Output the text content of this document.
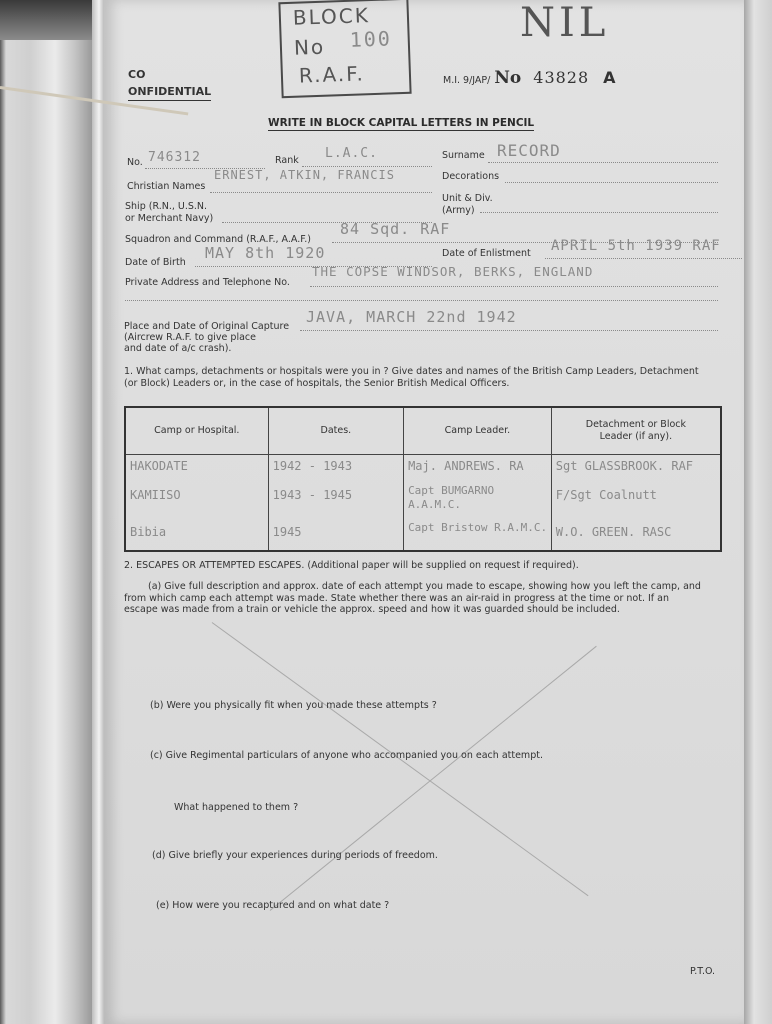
BLOCK
No 100
R.A.F.
NIL
CO
ONFIDENTIAL
M.I. 9/JAP/ No 43828 A
WRITE IN BLOCK CAPITAL LETTERS IN PENCIL
No. 746312	Rank L.A.C.	Surname RECORD
Christian Names
ERNEST, ATKIN, FRANCIS	Decorations
Ship (R.N., U.S.N.
or Merchant Navy)
Unit & Div.
(Army)
Squadron and Command (R.A.F., A.A.F.)
84 Sqd. RAF
Date of Birth
MAY 8th 1920	Date of Enlistment APRIL 5th 1939 RAF
Private Address and Telephone No.
THE COPSE WINDSOR, BERKS, ENGLAND
Place and Date of Original Capture
(Aircrew R.A.F. to give place
and date of a/c crash).
JAVA, MARCH 22nd 1942
1. What camps, detachments or hospitals were you in ? Give dates and names of the British Camp Leaders, Detachment
(or Block) Leaders or, in the case of hospitals, the Senior British Medical Officers.
Camp or Hospital.	Dates.	Camp Leader.	Detachment or Block Leader (if any).
HAKODATE	1942 - 1943	Maj. ANDREWS. RA	Sgt GLASSBROOK. RAF
KAMIISO	1943 - 1945	Capt BUMGARNO A.A.M.C.	F/Sgt Coalnutt
Bibia	1945	Capt Bristow R.A.M.C.	W.O. GREEN. RASC
2. ESCAPES OR ATTEMPTED ESCAPES. (Additional paper will be supplied on request if required).
(a) Give full description and approx. date of each attempt you made to escape, showing how you left the camp, and
from which camp each attempt was made. State whether there was an air-raid in progress at the time or not. If an
escape was made from a train or vehicle the approx. speed and how it was guarded should be included.
(b) Were you physically fit when you made these attempts ?
(c) Give Regimental particulars of anyone who accompanied you on each attempt.
What happened to them ?
(d) Give briefly your experiences during periods of freedom.
(e) How were you recaptured and on what date ?
P.T.O.
